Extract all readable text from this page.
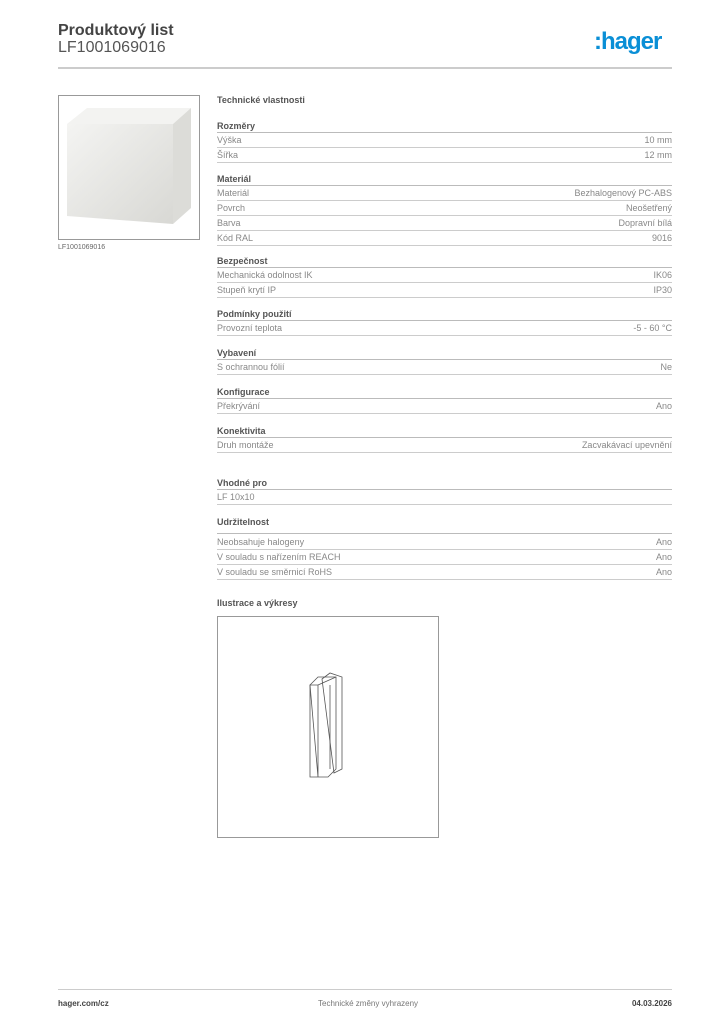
Produktový list
LF1001069016	:hager
LF1001069016
Technické vlastnosti
Rozměry
Výška	10 mm
Šířka	12 mm
Materiál
Materiál	Bezhalogenový PC-ABS
Povrch	Neošetřený
Barva	Dopravní bílá
Kód RAL	9016
Bezpečnost
Mechanická odolnost IK	IK06
Stupeň krytí IP	IP30
Podmínky použití
Provozní teplota	-5 - 60 °C
Vybavení
S ochrannou fólií	Ne
Konfigurace
Překrývání	Ano
Konektivita
Druh montáže	Zacvakávací upevnění
Vhodné pro
LF 10x10
Udržitelnost
Neobsahuje halogeny	Ano
V souladu s nařízením REACH	Ano
V souladu se směrnicí RoHS	Ano
Ilustrace a výkresy
hager.com/cz	Technické změny vyhrazeny	04.03.2026
